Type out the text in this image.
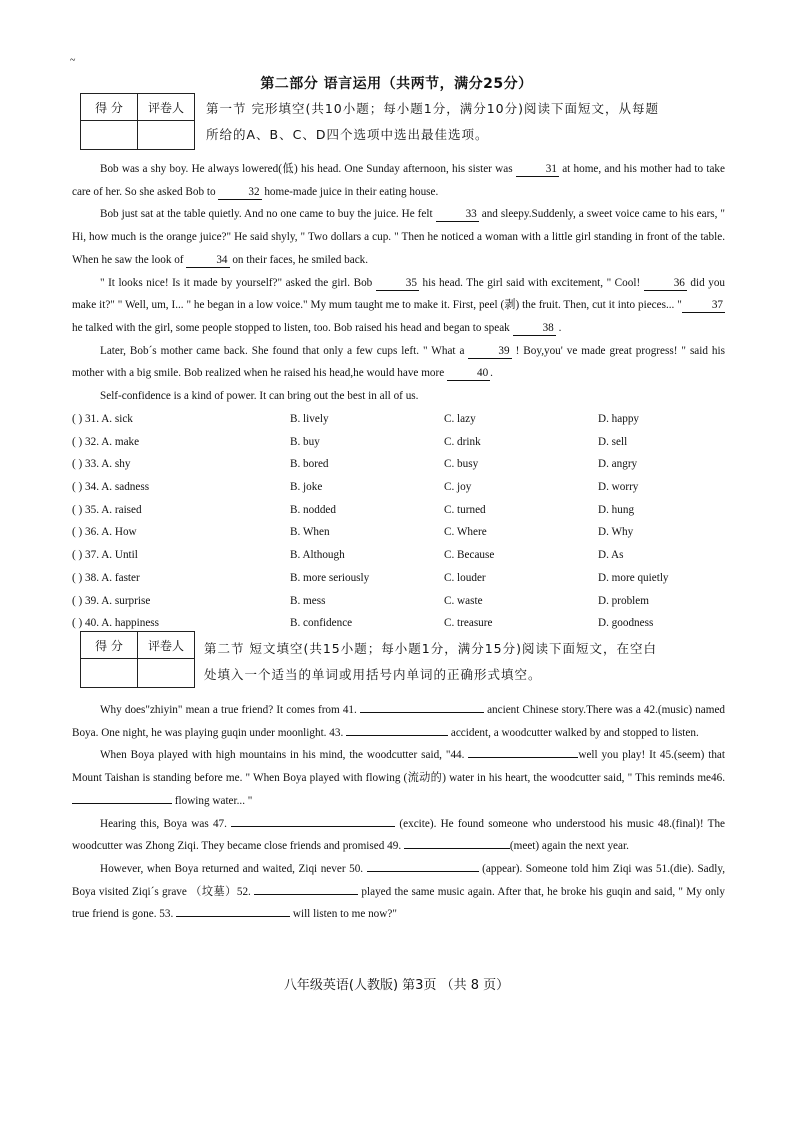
~
第二部分 语言运用（共两节，满分25分）
得 分	评卷人
	第一节 完形填空(共10小题；每小题1分，满分10分)阅读下面短文，从每题
所给的A、B、C、D四个选项中选出最佳选项。

Bob was a shy boy. He always lowered(低) his head. One Sunday afternoon, his sister was	31 at home, and his mother had to take care of her. So she asked Bob to	32 home-made juice in their eating house.

Bob just sat at the table quietly. And no one came to buy the juice. He felt	33 and sleepy.Suddenly, a sweet voice came to his ears, " Hi, how much is the orange juice?" He said shyly, " Two dollars a cup. " Then he noticed a woman with a little girl standing in front of the table. When he saw the look of	34 on their faces, he smiled back.

" It looks nice! Is it made by yourself?" asked the girl. Bob	35 his head. The girl said with excitement, " Cool!	36 did you make it?" " Well, um, I... " he began in a low voice." My mum taught me to make it. First, peel (剥) the fruit. Then, cut it into pieces... "	37 he talked with the girl, some people stopped to listen, too. Bob raised his head and began to speak	38 .

Later, Bob´s mother came back. She found that only a few cups left. " What a	39 ! Boy,you' ve made great progress! " said his mother with a big smile. Bob realized when he raised his head,he would have more	40 .

Self-confidence is a kind of power. It can bring out the best in all of us.

( ) 31. A. sick	B. lively	C. lazy	D. happy
( ) 32. A. make	B. buy	C. drink	D. sell
( ) 33. A. shy	B. bored	C. busy	D. angry
( ) 34. A. sadness	B. joke	C. joy	D. worry
( ) 35. A. raised	B. nodded	C. turned	D. hung
( ) 36. A. How	B. When	C. Where	D. Why
( ) 37. A. Until	B. Although	C. Because	D. As
( ) 38. A. faster	B. more seriously	C. louder	D. more quietly
( ) 39. A. surprise	B. mess	C. waste	D. problem
( ) 40. A. happiness	B. confidence	C. treasure	D. goodness
得 分	评卷人
	第二节 短文填空(共15小题；每小题1分，满分15分)阅读下面短文，在空白
处填入一个适当的单词或用括号内单词的正确形式填空。

Why does"zhiyin" mean a true friend? It comes from 41.	ancient Chinese story.There was a 42.(music) named Boya. One night, he was playing guqin under moonlight. 43.	accident, a woodcutter walked by and stopped to listen.

When Boya played with high mountains in his mind, the woodcutter said, "44.	well you play! It 45.(seem) that Mount Taishan is standing before me. " When Boya played with flowing (流动的) water in his heart, the woodcutter said, " This reminds me46.  flowing water... "

Hearing this, Boya was 47.	(excite). He found someone who understood his music 48.(final)! The woodcutter was Zhong Ziqi. They became close friends and promised 49.	(meet) again the next year.

However, when Boya returned and waited, Ziqi never 50.	(appear). Someone told him Ziqi was 51.(die). Sadly, Boya visited Ziqi´s grave （坟墓）52.	played the same music again. After that, he broke his guqin and said, " My only true friend is gone. 53.	will listen to me now?"

八年级英语(人教版) 第3页 （共 8 页）
